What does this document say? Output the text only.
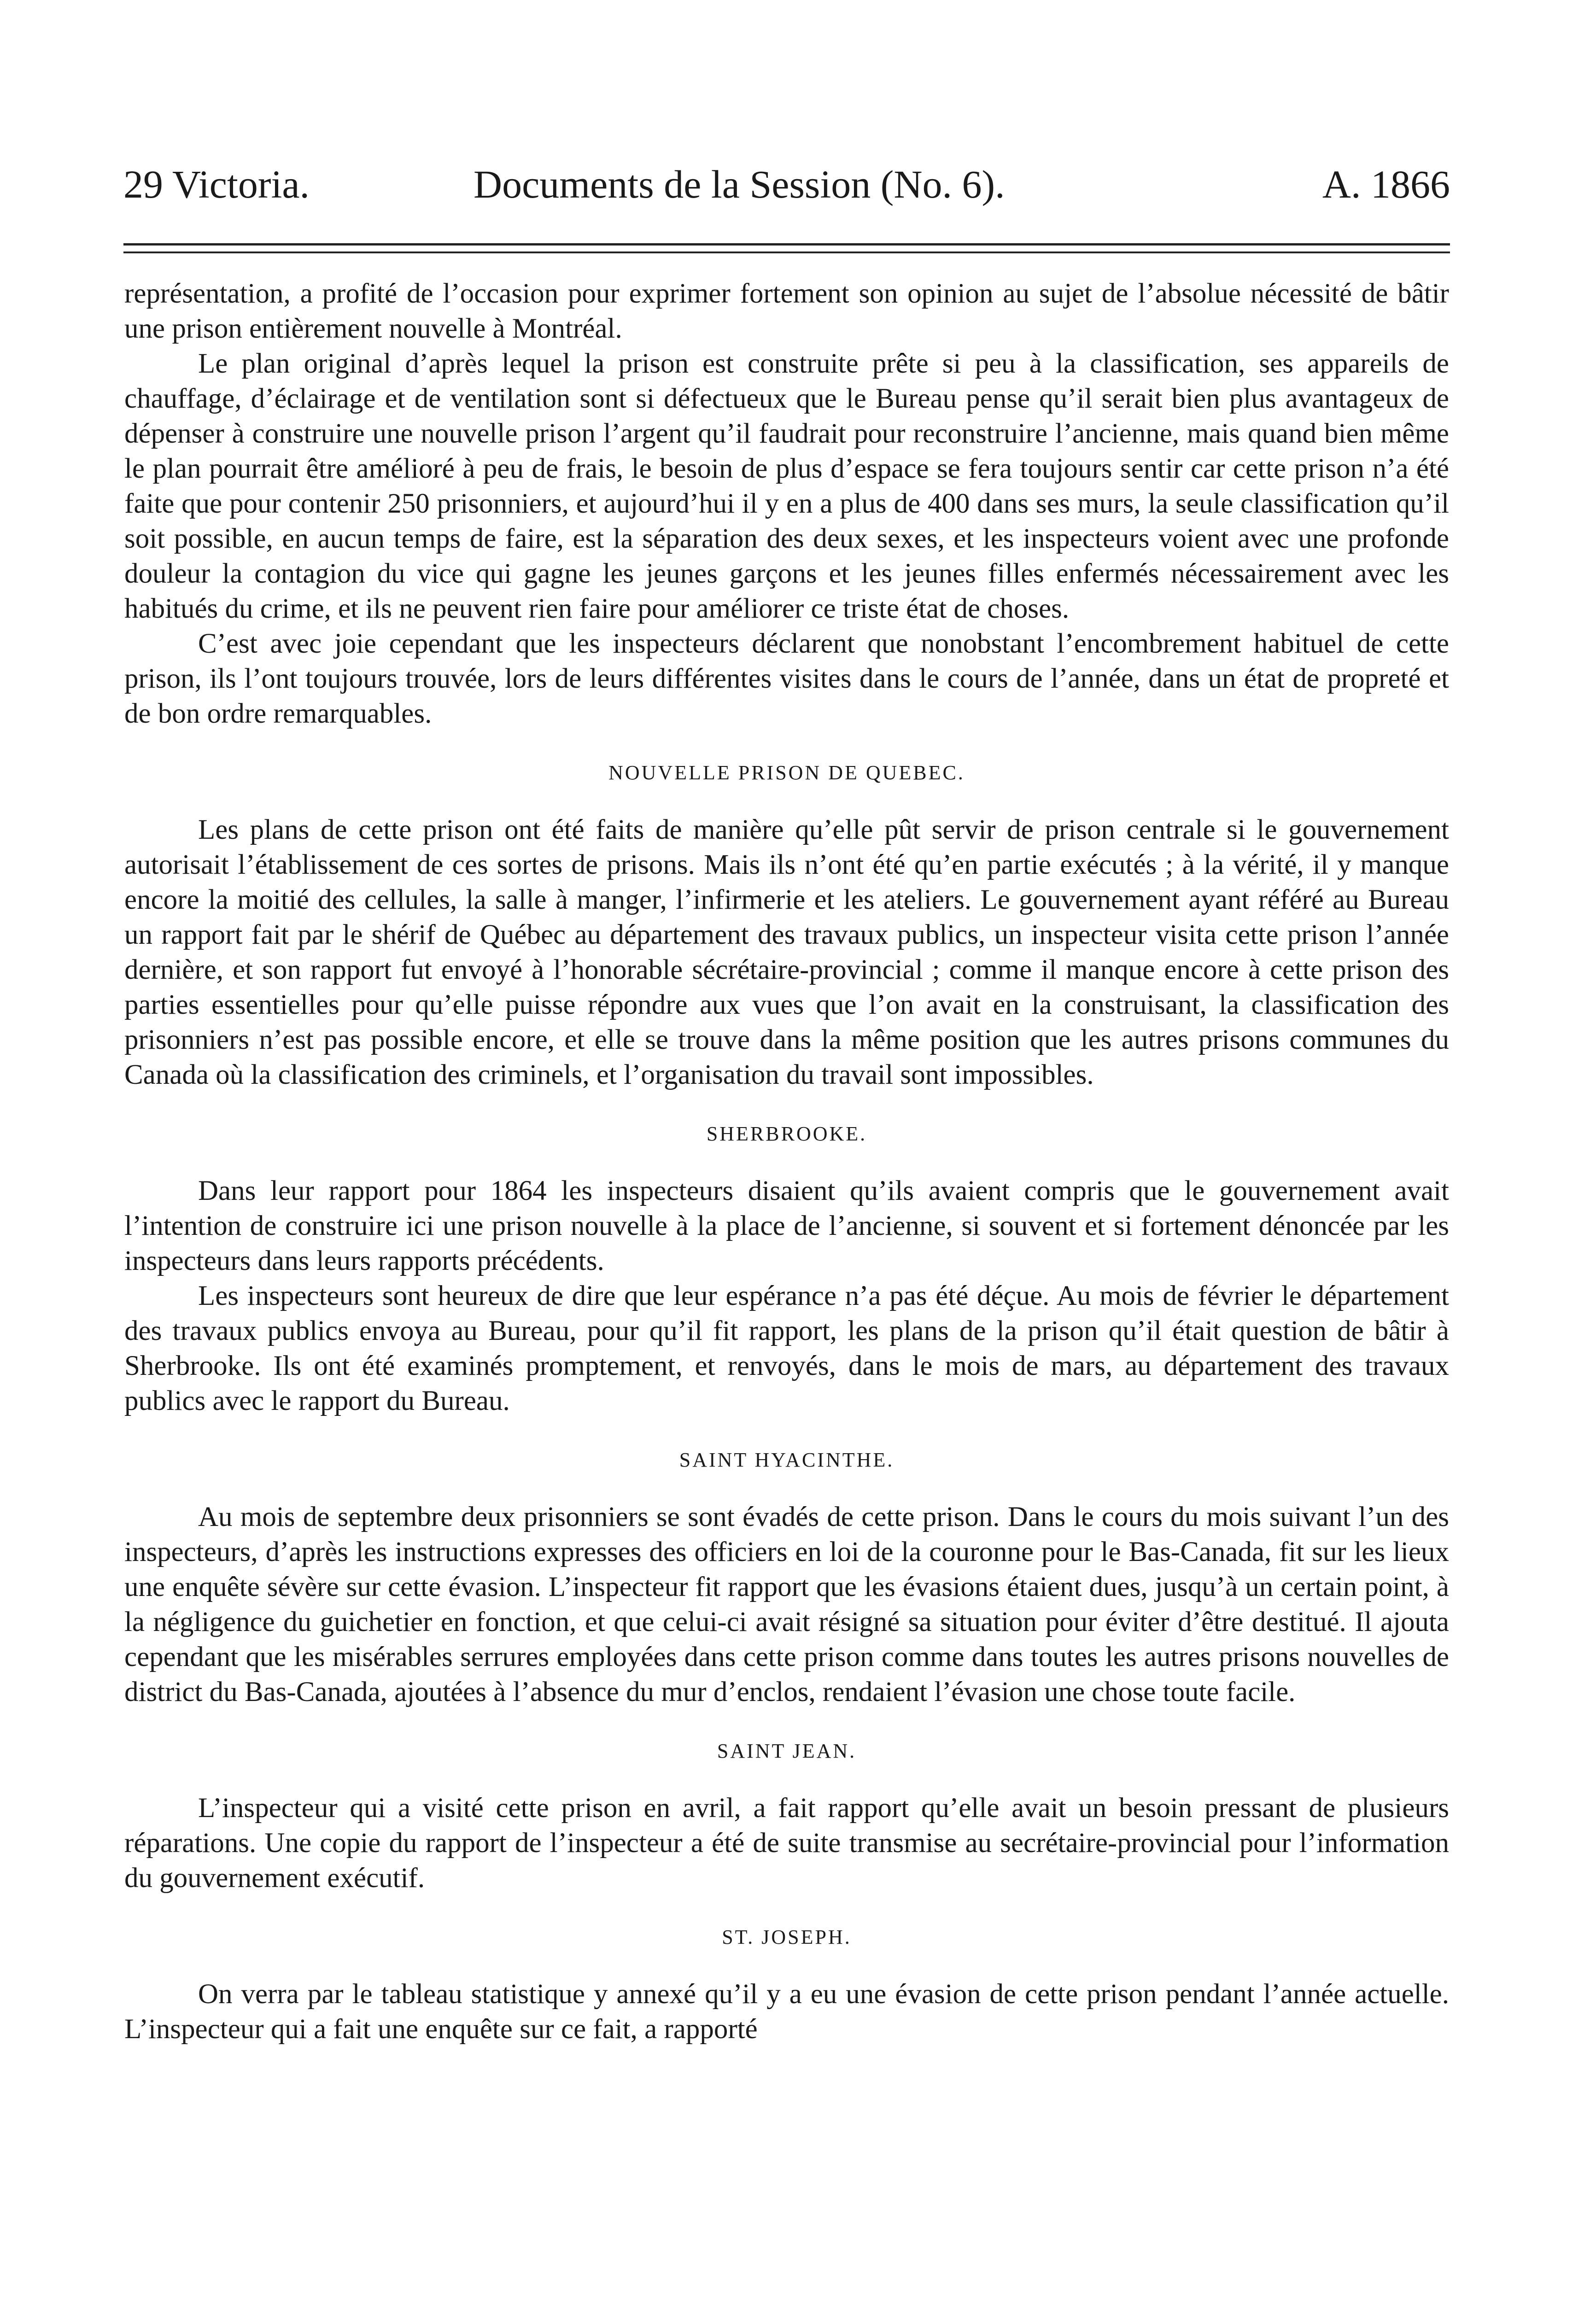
29 Victoria.	Documents de la Session (No. 6).	A. 1866

représentation, a profité de l’occasion pour exprimer fortement son opinion au sujet de l’absolue nécessité de bâtir une prison entièrement nouvelle à Montréal.

Le plan original d’après lequel la prison est construite prête si peu à la classification, ses appareils de chauffage, d’éclairage et de ventilation sont si défectueux que le Bureau pense qu’il serait bien plus avantageux de dépenser à construire une nouvelle prison l’argent qu’il faudrait pour reconstruire l’ancienne, mais quand bien même le plan pourrait être amélioré à peu de frais, le besoin de plus d’espace se fera toujours sentir car cette prison n’a été faite que pour contenir 250 prisonniers, et aujourd’hui il y en a plus de 400 dans ses murs, la seule classification qu’il soit possible, en aucun temps de faire, est la séparation des deux sexes, et les inspecteurs voient avec une profonde douleur la contagion du vice qui gagne les jeunes garçons et les jeunes filles enfermés nécessairement avec les habitués du crime, et ils ne peuvent rien faire pour améliorer ce triste état de choses.

C’est avec joie cependant que les inspecteurs déclarent que nonobstant l’encombrement habituel de cette prison, ils l’ont toujours trouvée, lors de leurs différentes visites dans le cours de l’année, dans un état de propreté et de bon ordre remarquables.

NOUVELLE PRISON DE QUEBEC.

Les plans de cette prison ont été faits de manière qu’elle pût servir de prison centrale si le gouvernement autorisait l’établissement de ces sortes de prisons. Mais ils n’ont été qu’en partie exécutés ; à la vérité, il y manque encore la moitié des cellules, la salle à manger, l’infirmerie et les ateliers. Le gouvernement ayant référé au Bureau un rapport fait par le shérif de Québec au département des travaux publics, un inspecteur visita cette prison l’année dernière, et son rapport fut envoyé à l’honorable sécrétaire-provincial ; comme il manque encore à cette prison des parties essentielles pour qu’elle puisse répondre aux vues que l’on avait en la construisant, la classification des prisonniers n’est pas possible encore, et elle se trouve dans la même position que les autres prisons communes du Canada où la classification des criminels, et l’organisation du travail sont impossibles.

SHERBROOKE.

Dans leur rapport pour 1864 les inspecteurs disaient qu’ils avaient compris que le gouvernement avait l’intention de construire ici une prison nouvelle à la place de l’ancienne, si souvent et si fortement dénoncée par les inspecteurs dans leurs rapports précédents.

Les inspecteurs sont heureux de dire que leur espérance n’a pas été déçue. Au mois de février le département des travaux publics envoya au Bureau, pour qu’il fit rapport, les plans de la prison qu’il était question de bâtir à Sherbrooke. Ils ont été examinés promptement, et renvoyés, dans le mois de mars, au département des travaux publics avec le rapport du Bureau.

SAINT HYACINTHE.

Au mois de septembre deux prisonniers se sont évadés de cette prison. Dans le cours du mois suivant l’un des inspecteurs, d’après les instructions expresses des officiers en loi de la couronne pour le Bas-Canada, fit sur les lieux une enquête sévère sur cette évasion. L’inspecteur fit rapport que les évasions étaient dues, jusqu’à un certain point, à la négligence du guichetier en fonction, et que celui-ci avait résigné sa situation pour éviter d’être destitué. Il ajouta cependant que les misérables serrures employées dans cette prison comme dans toutes les autres prisons nouvelles de district du Bas-Canada, ajoutées à l’absence du mur d’enclos, rendaient l’évasion une chose toute facile.

SAINT JEAN.

L’inspecteur qui a visité cette prison en avril, a fait rapport qu’elle avait un besoin pressant de plusieurs réparations. Une copie du rapport de l’inspecteur a été de suite transmise au secrétaire-provincial pour l’information du gouvernement exécutif.

ST. JOSEPH.

On verra par le tableau statistique y annexé qu’il y a eu une évasion de cette prison pendant l’année actuelle. L’inspecteur qui a fait une enquête sur ce fait, a rapporté
